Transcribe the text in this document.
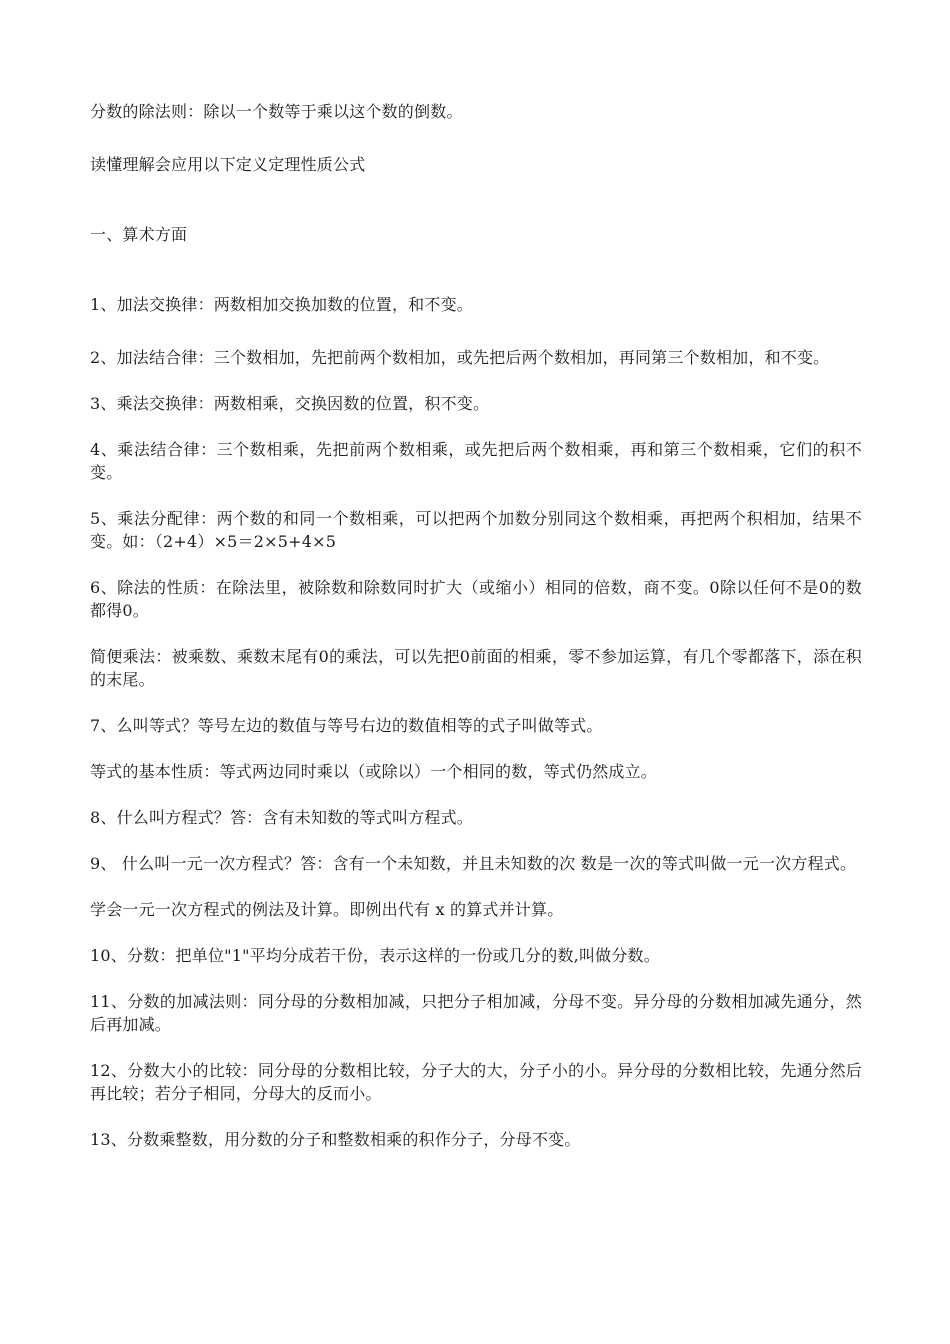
分数的除法则：除以一个数等于乘以这个数的倒数。

读懂理解会应用以下定义定理性质公式

一、算术方面

1、加法交换律：两数相加交换加数的位置，和不变。

2、加法结合律：三个数相加，先把前两个数相加，或先把后两个数相加，再同第三个数相加，和不变。

3、乘法交换律：两数相乘，交换因数的位置，积不变。

4、乘法结合律：三个数相乘，先把前两个数相乘，或先把后两个数相乘，再和第三个数相乘，它们的积不变。

5、乘法分配律：两个数的和同一个数相乘，可以把两个加数分别同这个数相乘，再把两个积相加，结果不变。如：（2+4）×5＝2×5+4×5

6、除法的性质：在除法里，被除数和除数同时扩大（或缩小）相同的倍数，商不变。0除以任何不是0的数都得0。

简便乘法：被乘数、乘数末尾有0的乘法，可以先把0前面的相乘，零不参加运算，有几个零都落下，添在积的末尾。

7、么叫等式？等号左边的数值与等号右边的数值相等的式子叫做等式。

等式的基本性质：等式两边同时乘以（或除以）一个相同的数，等式仍然成立。

8、什么叫方程式？答：含有未知数的等式叫方程式。

9、 什么叫一元一次方程式？答：含有一个未知数，并且未知数的次 数是一次的等式叫做一元一次方程式。

学会一元一次方程式的例法及计算。即例出代有 x 的算式并计算。

10、分数：把单位"1"平均分成若干份，表示这样的一份或几分的数,叫做分数。

11、分数的加减法则：同分母的分数相加减，只把分子相加减，分母不变。异分母的分数相加减先通分，然后再加减。

12、分数大小的比较：同分母的分数相比较，分子大的大，分子小的小。异分母的分数相比较，先通分然后再比较；若分子相同，分母大的反而小。

13、分数乘整数，用分数的分子和整数相乘的积作分子，分母不变。
